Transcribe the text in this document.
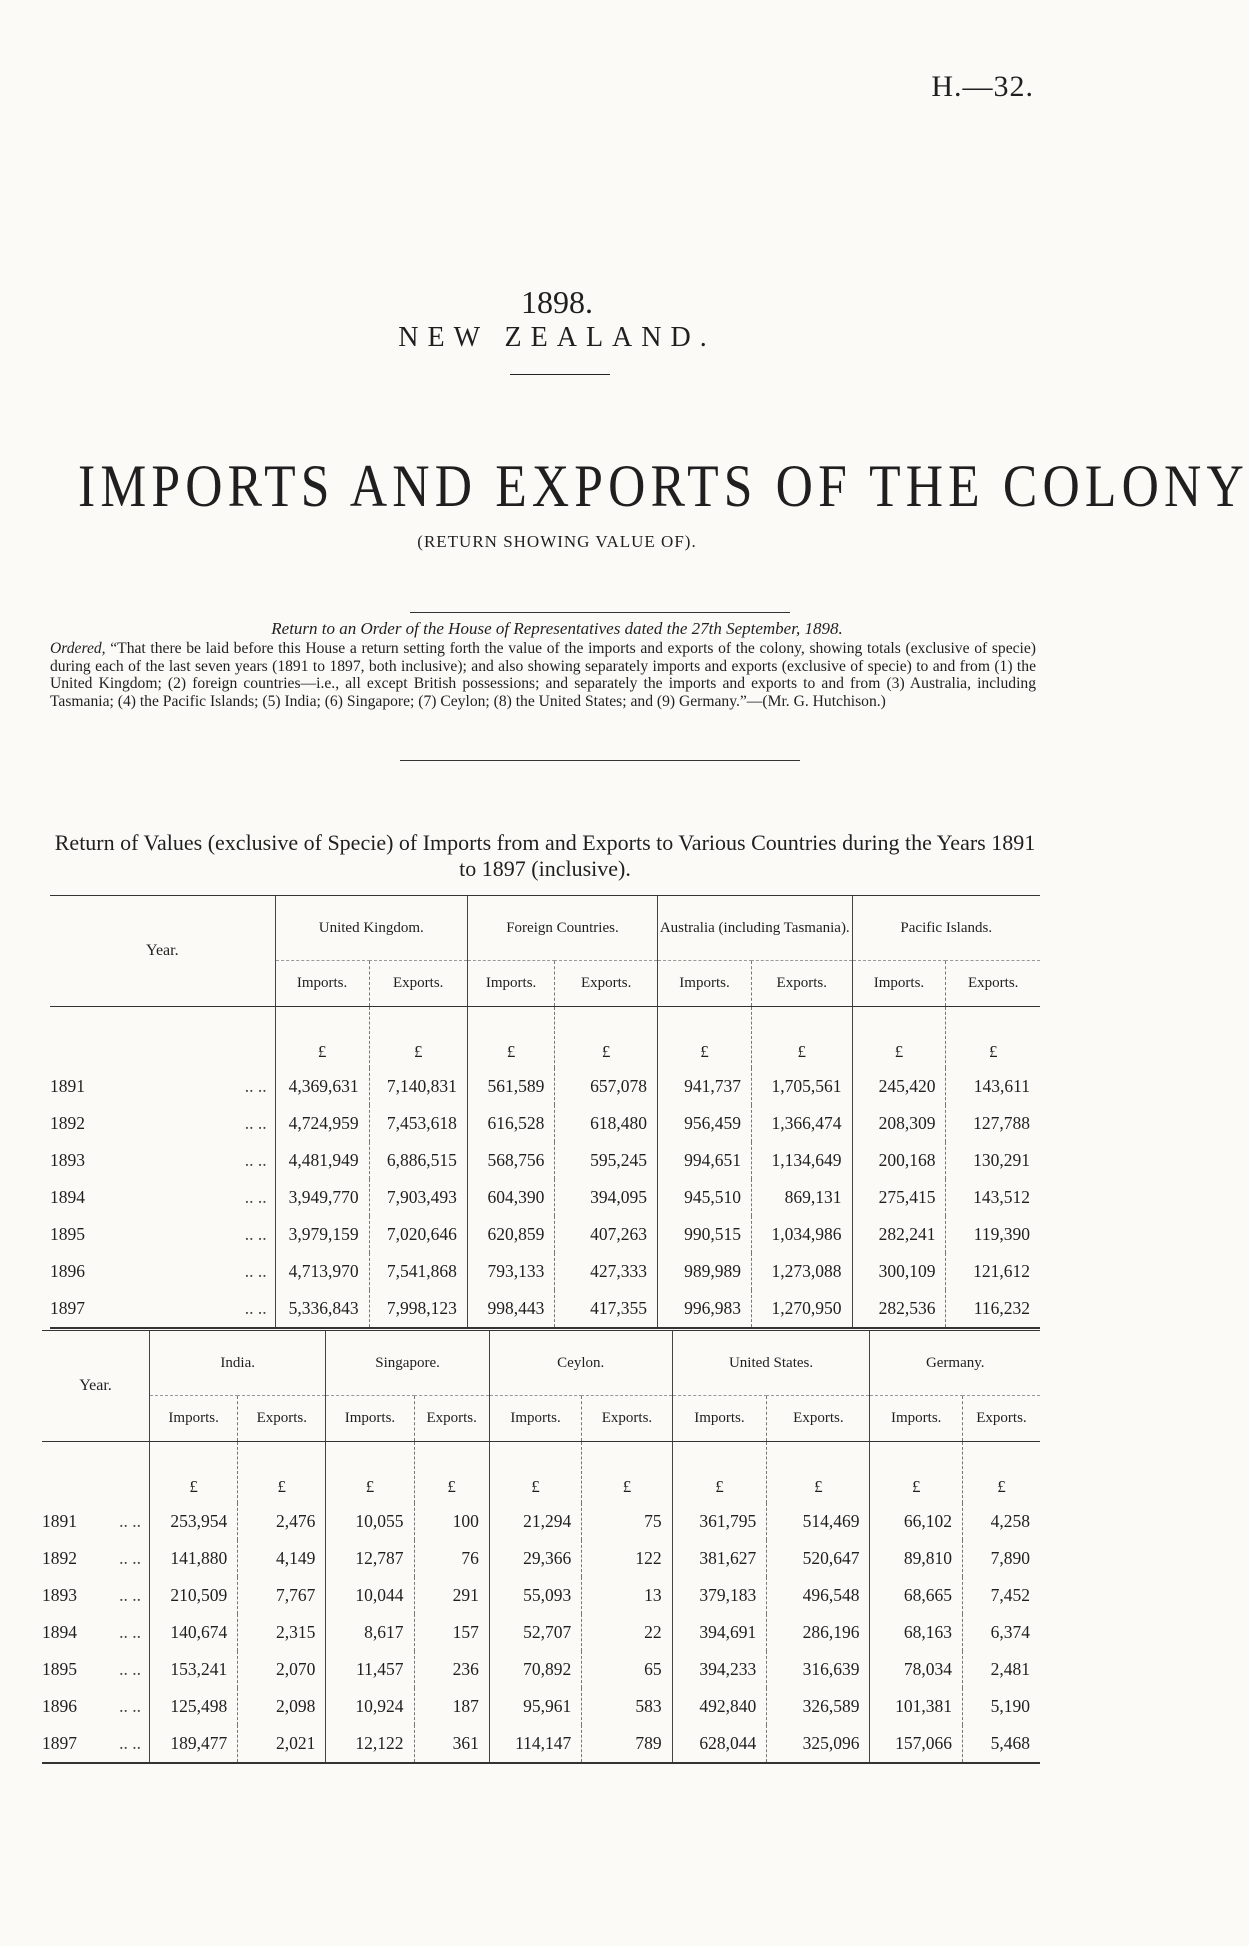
H.—32.
1898.
NEW ZEALAND.
IMPORTS AND EXPORTS OF THE COLONY
(RETURN SHOWING VALUE OF).
Return to an Order of the House of Representatives dated the 27th September, 1898.
Ordered, “That there be laid before this House a return setting forth the value of the imports and exports of the colony, showing totals (exclusive of specie) during each of the last seven years (1891 to 1897, both inclusive); and also showing separately imports and exports (exclusive of specie) to and from (1) the United Kingdom; (2) foreign countries—i.e., all except British possessions; and separately the imports and exports to and from (3) Australia, including Tasmania; (4) the Pacific Islands; (5) India; (6) Singapore; (7) Ceylon; (8) the United States; and (9) Germany.”—(Mr. G. Hutchison.)
Return of Values (exclusive of Specie) of Imports from and Exports to Various Countries during the Years 1891 to 1897 (inclusive).
Year.	United Kingdom.		Foreign Countries.		Australia (including Tasmania).		Pacific Islands.	
	Imports.	Exports.	Imports.	Exports.	Imports.	Exports.	Imports.	Exports.
	£	£	£	£	£	£	£	£
1891 .. ..	4,369,631	7,140,831	561,589	657,078	941,737	1,705,561	245,420	143,611
1892 .. ..	4,724,959	7,453,618	616,528	618,480	956,459	1,366,474	208,309	127,788
1893 .. ..	4,481,949	6,886,515	568,756	595,245	994,651	1,134,649	200,168	130,291
1894 .. ..	3,949,770	7,903,493	604,390	394,095	945,510	869,131	275,415	143,512
1895 .. ..	3,979,159	7,020,646	620,859	407,263	990,515	1,034,986	282,241	119,390
1896 .. ..	4,713,970	7,541,868	793,133	427,333	989,989	1,273,088	300,109	121,612
1897 .. ..	5,336,843	7,998,123	998,443	417,355	996,983	1,270,950	282,536	116,232
Year.	India.		Singapore.		Ceylon.		United States.		Germany.	
	Imports.	Exports.	Imports.	Exports.	Imports.	Exports.	Imports.	Exports.	Imports.	Exports.
	£	£	£	£	£	£	£	£	£	£
1891 .. ..	253,954	2,476	10,055	100	21,294	75	361,795	514,469	66,102	4,258
1892 .. ..	141,880	4,149	12,787	76	29,366	122	381,627	520,647	89,810	7,890
1893 .. ..	210,509	7,767	10,044	291	55,093	13	379,183	496,548	68,665	7,452
1894 .. ..	140,674	2,315	8,617	157	52,707	22	394,691	286,196	68,163	6,374
1895 .. ..	153,241	2,070	11,457	236	70,892	65	394,233	316,639	78,034	2,481
1896 .. ..	125,498	2,098	10,924	187	95,961	583	492,840	326,589	101,381	5,190
1897 .. ..	189,477	2,021	12,122	361	114,147	789	628,044	325,096	157,066	5,468
